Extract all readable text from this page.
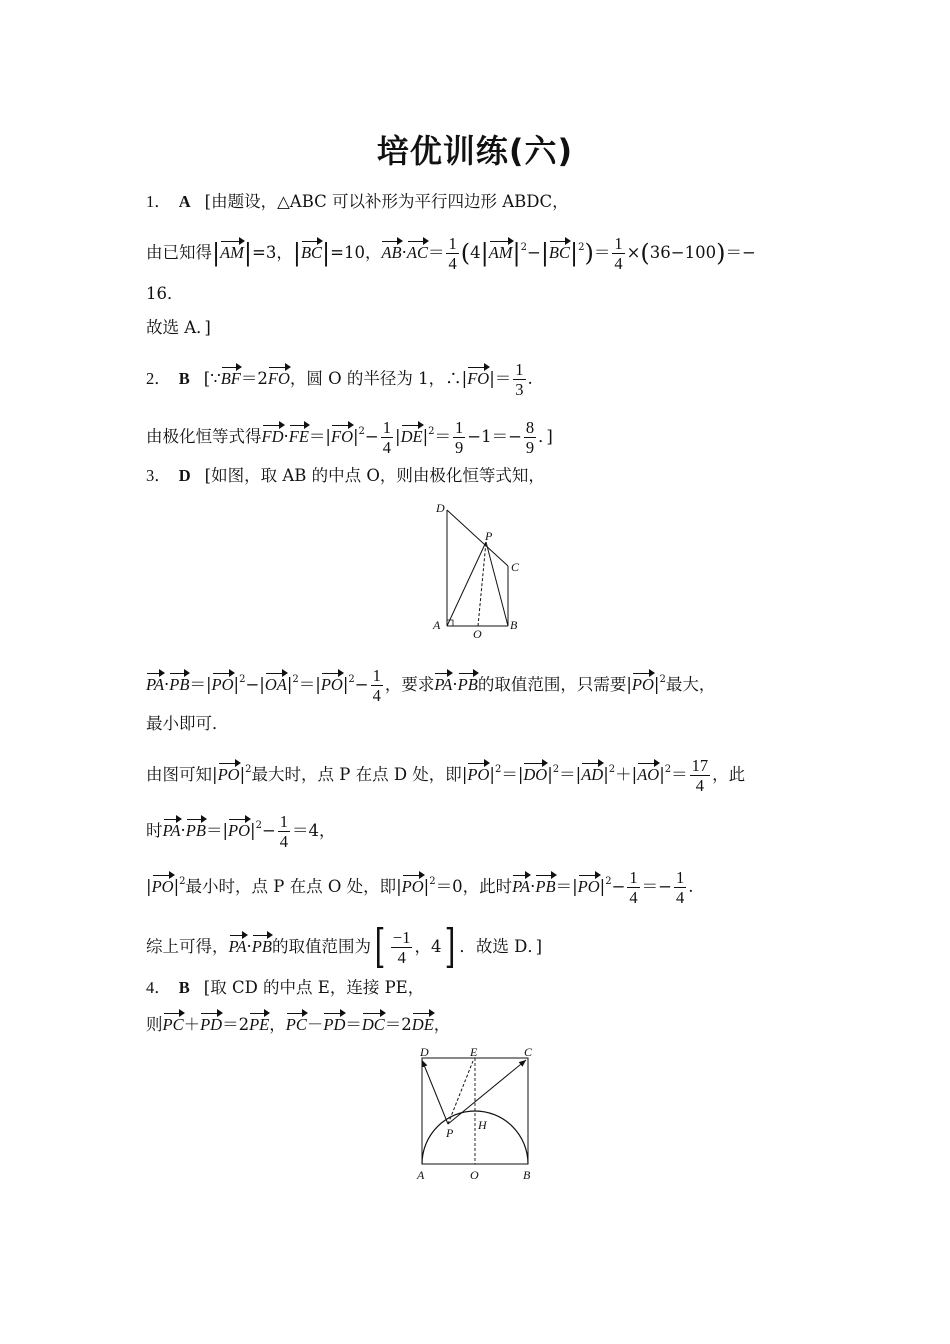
培优训练(六)
1． A [由题设，△ABC 可以补形为平行四边形 ABDC，
由已知得|AM|=3，|BC|=10，$AB\cdot AC= \frac{1}{4} (4|AM|^2-|BC|^2)= \frac{1}{4} \times(36-100)=-$
16．
故选 A．]
2． B [∵BF＝2FO，圆 O 的半径为 1，∴|FO|＝ $\frac{1}{3}$ .
由极化恒等式得$FD\cdot FE=|FO|^2- \frac{1}{4} |DE|^2= \frac{1}{9} -1=- \frac{8}{9}$ ．]
3． D [如图，取 AB 的中点 O，则由极化恒等式知，
D
P
C
A
O
B
$PA\cdot PB=|PO|^2-|OA|^2=|PO|^2- \frac{1}{4}$ ，要求PA·PB的取值范围，只需要$|PO|^2$最大，
最小即可．
由图可知$|PO|^2$最大时，点 P 在点 D 处，即$|PO|^2=|DO|^2=|AD|^2+|AO|^2= \frac{17}{4}$ ，此
时$PA\cdot PB=|PO|^2- \frac{1}{4} =4$，
$|PO|^2$最小时，点 P 在点 O 处，即$|PO|^2=0$，此时$PA\cdot PB=|PO|^2- \frac{1}{4} =- \frac{1}{4}$ .
综上可得，PA·PB的取值范围为[ $\frac{-1}{4}$ ，4] ．故选 D．]
4． B [取 CD 的中点 E，连接 PE，
则PC＋PD＝2PE，PC－PD＝DC＝2DE，
D	E	C
P
H
A	O	B
